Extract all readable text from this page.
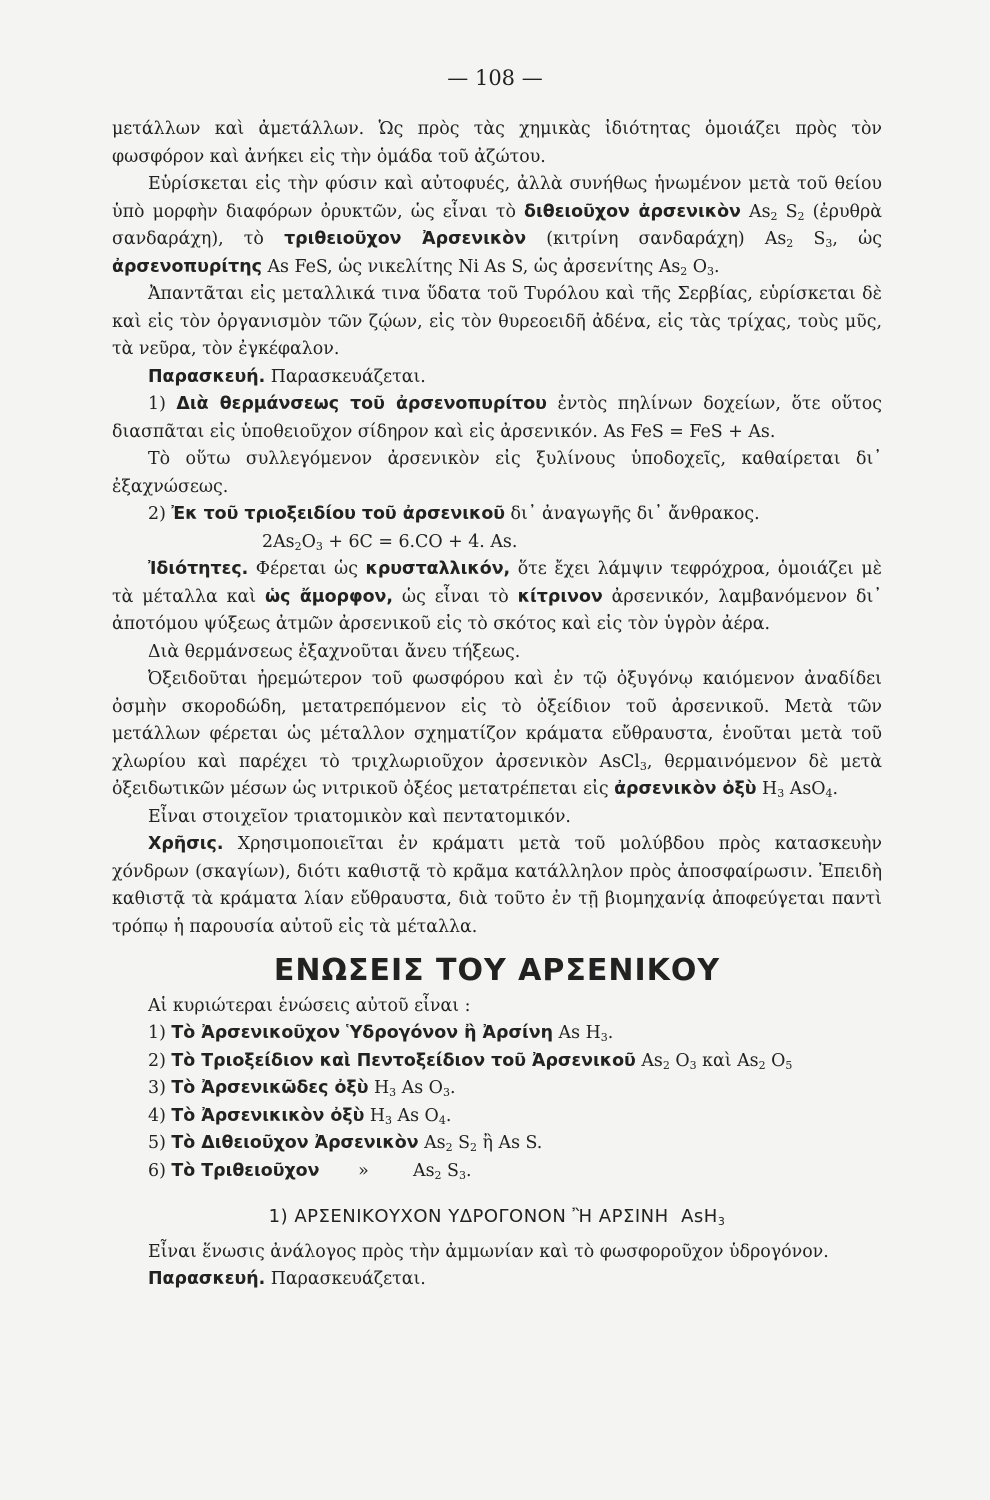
— 108 —

μετάλλων καὶ ἀμετάλλων. Ὡς πρὸς τὰς χημικὰς ἰδιότητας ὁμοιάζει πρὸς τὸν φωσφόρον καὶ ἀνήκει εἰς τὴν ὁμάδα τοῦ ἀζώτου.

Εὑρίσκεται εἰς τὴν φύσιν καὶ αὐτοφυές, ἀλλὰ συνήθως ἡνωμένον μετὰ τοῦ θείου ὑπὸ μορφὴν διαφόρων ὀρυκτῶν, ὡς εἶναι τὸ διθειοῦχον ἀρσενικὸν $As_2$ $S_2$ (ἐρυθρὰ σανδαράχη), τὸ τριθειοῦχον Ἀρσενικὸν (κιτρίνη σανδαράχη) $As_2$ $S_3$, ὡς ἀρσενοπυρίτης As FeS, ὡς νικελίτης Ni As S, ὡς ἀρσενίτης $As_2$ $O_3$.

Ἀπαντᾶται εἰς μεταλλικά τινα ὕδατα τοῦ Τυρόλου καὶ τῆς Σερβίας, εὑρίσκεται δὲ καὶ εἰς τὸν ὀργανισμὸν τῶν ζῴων, εἰς τὸν θυρεοειδῆ ἀδένα, εἰς τὰς τρίχας, τοὺς μῦς, τὰ νεῦρα, τὸν ἐγκέφαλον.

Παρασκευή. Παρασκευάζεται.

1) Διὰ θερμάνσεως τοῦ ἀρσενοπυρίτου ἐντὸς πηλίνων δοχείων, ὅτε οὕτος διασπᾶται εἰς ὑποθειοῦχον σίδηρον καὶ εἰς ἀρσενικόν. As FeS = FeS + As.

Τὸ οὕτω συλλεγόμενον ἀρσενικὸν εἰς ξυλίνους ὑποδοχεῖς, καθαίρεται δι᾿ ἐξαχνώσεως.

2) Ἐκ τοῦ τριοξειδίου τοῦ ἀρσενικοῦ δι᾿ ἀναγωγῆς δι᾿ ἄνθρακος.

$2As_2O_3 + 6C = 6.CO + 4$. As.

Ἰδιότητες. Φέρεται ὡς κρυσταλλικόν, ὅτε ἔχει λάμψιν τεφρόχροα, ὁμοιάζει μὲ τὰ μέταλλα καὶ ὡς ἄμορφον, ὡς εἶναι τὸ κίτρινον ἀρσενικόν, λαμβανόμενον δι᾿ ἀποτόμου ψύξεως ἀτμῶν ἀρσενικοῦ εἰς τὸ σκότος καὶ εἰς τὸν ὑγρὸν ἀέρα.

Διὰ θερμάνσεως ἐξαχνοῦται ἄνευ τήξεως.

Ὀξειδοῦται ἠρεμώτερον τοῦ φωσφόρου καὶ ἐν τῷ ὀξυγόνῳ καιόμενον ἀναδίδει ὀσμὴν σκοροδώδη, μετατρεπόμενον εἰς τὸ ὀξείδιον τοῦ ἀρσενικοῦ. Μετὰ τῶν μετάλλων φέρεται ὡς μέταλλον σχηματίζον κράματα εὔθραυστα, ἑνοῦται μετὰ τοῦ χλωρίου καὶ παρέχει τὸ τριχλωριοῦχον ἀρσενικὸν AsCl$_3$, θερμαινόμενον δὲ μετὰ ὀξειδωτικῶν μέσων ὡς νιτρικοῦ ὀξέος μετατρέπεται εἰς ἀρσενικὸν ὀξὺ $H_3$ AsO$_4$.

Εἶναι στοιχεῖον τριατομικὸν καὶ πεντατομικόν.

Χρῆσις. Χρησιμοποιεῖται ἐν κράματι μετὰ τοῦ μολύβδου πρὸς κατασκευὴν χόνδρων (σκαγίων), διότι καθιστᾷ τὸ κρᾶμα κατάλληλον πρὸς ἀποσφαίρωσιν. Ἐπειδὴ καθιστᾷ τὰ κράματα λίαν εὔθραυστα, διὰ τοῦτο ἐν τῇ βιομηχανίᾳ ἀποφεύγεται παντὶ τρόπῳ ἡ παρουσία αὐτοῦ εἰς τὰ μέταλλα.

ΕΝΩΣΕΙΣ ΤΟΥ ΑΡΣΕΝΙΚΟΥ

Αἱ κυριώτεραι ἑνώσεις αὐτοῦ εἶναι :

1) Τὸ Ἀρσενικοῦχον Ὑδρογόνον ἢ Ἀρσίνη As $H_3$.

2) Τὸ Τριοξείδιον καὶ Πεντοξείδιον τοῦ Ἀρσενικοῦ $As_2$ $O_3$ καὶ $As_2$ $O_5$

3) Τὸ Ἀρσενικῶδες ὀξὺ $H_3$ As $O_3$.

4) Τὸ Ἀρσενικικὸν ὀξὺ $H_3$ As $O_4$.

5) Τὸ Διθειοῦχον Ἀρσενικὸν $As_2$ $S_2$ ἢ As S.

6) Τὸ Τριθειοῦχον       »        $As_2$ $S_3$.

1) ΑΡΣΕΝΙΚΟΥΧΟΝ ΥΔΡΟΓΟΝΟΝ Ἢ ΑΡΣΙΝΗ  AsH$_3$

Εἶναι ἕνωσις ἀνάλογος πρὸς τὴν ἀμμωνίαν καὶ τὸ φωσφοροῦχον ὑδρογόνον.

Παρασκευή. Παρασκευάζεται.
